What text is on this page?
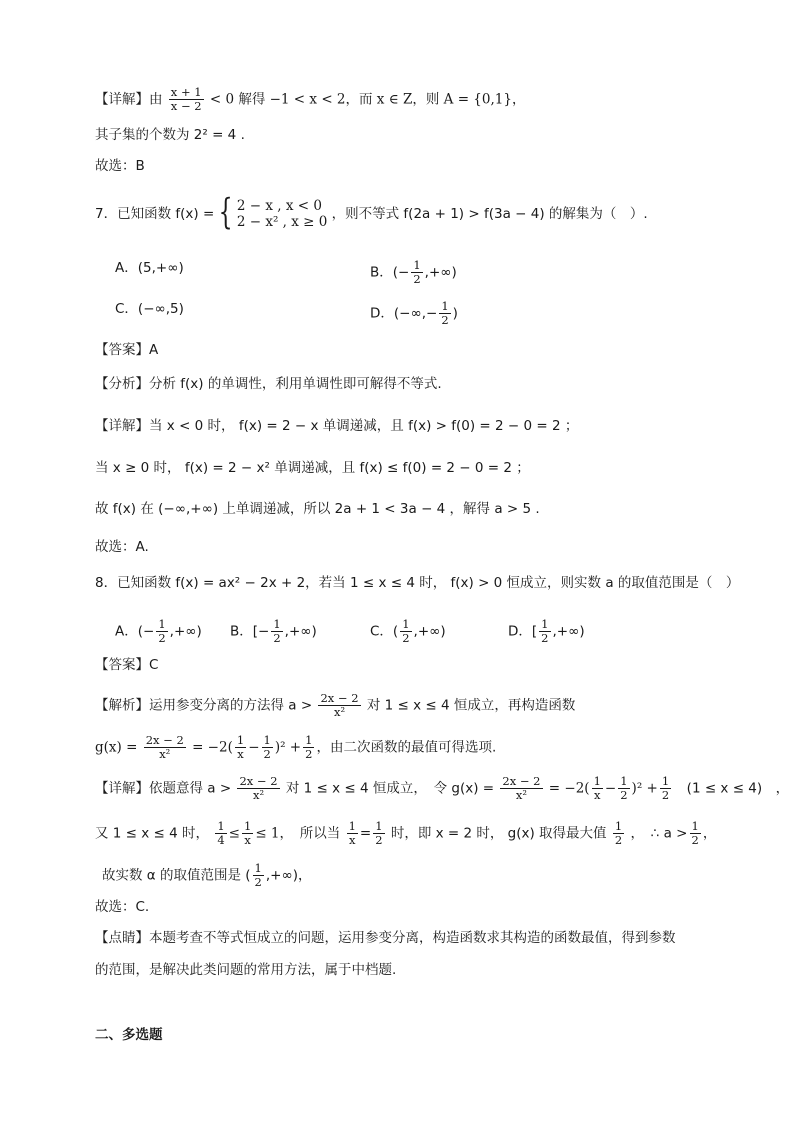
【详解】由 $\frac{x + 1}{x - 2} < 0$ 解得 −1 < x < 2，而 x ∈ Z，则 A = {0,1}，
其子集的个数为 2² = 4 .
故选：B
7．已知函数 f(x) = { 2 − x , x < 0
2 − x² , x ≥ 0 ，则不等式 f(2a + 1) > f(3a − 4) 的解集为（　）.
A．(5,+∞)	B．(− $\frac{1}{2}$ ,+∞)
C．(−∞,5)	D．(−∞,− $\frac{1}{2}$ )
【答案】A
【分析】分析 f(x) 的单调性，利用单调性即可解得不等式.
【详解】当 x < 0 时， f(x) = 2 − x 单调递减，且 f(x) > f(0) = 2 − 0 = 2 ；
当 x ≥ 0 时， f(x) = 2 − x² 单调递减，且 f(x) ≤ f(0) = 2 − 0 = 2 ；
故 f(x) 在 (−∞,+∞) 上单调递减，所以 2a + 1 < 3a − 4 ，解得 a > 5 .
故选：A.
8．已知函数 f(x) = ax² − 2x + 2，若当 1 ≤ x ≤ 4 时， f(x) > 0 恒成立，则实数 a 的取值范围是（　）
A．(− $\frac{1}{2}$ ,+∞) B．[− $\frac{1}{2}$ ,+∞)	C．( $\frac{1}{2}$ ,+∞)	D．[ $\frac{1}{2}$ ,+∞)
【答案】C
【解析】运用参变分离的方法得 $a > \frac{2x - 2}{\text{x²}}$ 对 1 ≤ x ≤ 4 恒成立，再构造函数
$g(x) = \frac{2x - 2}{\text{x²}} = -2( \frac{1}{x} - \frac{1}{2} )^2 + \frac{1}{2}$ ，由二次函数的最值可得选项.
【详解】依题意得 $a > \frac{2x - 2}{\text{x²}}$ 对 1 ≤ x ≤ 4 恒成立，　令 $g(x) = \frac{2x - 2}{\text{x²}} = -2( \frac{1}{x} - \frac{1}{2} )^2 + \frac{1}{2}$ 　(1 ≤ x ≤ 4)　，
又 1 ≤ x ≤ 4 时， $\frac{1}{4} \le \frac{1}{x} \le 1$，　所以当 $\frac{1}{x} = \frac{1}{2}$ 时，即 x = 2 时， g(x) 取得最大值 $\frac{1}{2}$ ，　∴ $a > \frac{1}{2}$ ，
故实数 α 的取值范围是 ( $\frac{1}{2}$ ,+∞)，
故选：C.
【点睛】本题考查不等式恒成立的问题，运用参变分离，构造函数求其构造的函数最值，得到参数
的范围，是解决此类问题的常用方法，属于中档题.
二、多选题
